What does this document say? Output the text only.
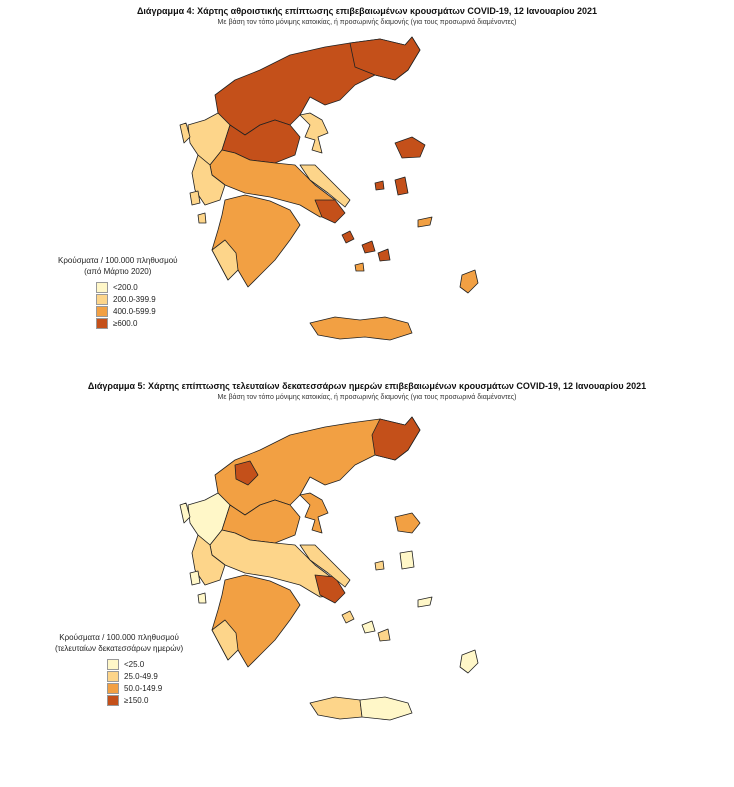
Διάγραμμα 4: Χάρτης αθροιστικής επίπτωσης επιβεβαιωμένων κρουσμάτων COVID-19, 12 Ιανουαρίου 2021
Με βάση τον τόπο μόνιμης κατοικίας, ή προσωρινής διαμονής (για τους προσωρινά διαμένοντες)
Κρούσματα / 100.000 πληθυσμού
(από Μάρτιο 2020)
<200.0
200.0-399.9
400.0-599.9
≥600.0
Διάγραμμα 5: Χάρτης επίπτωσης τελευταίων δεκατεσσάρων ημερών επιβεβαιωμένων κρουσμάτων COVID-19, 12 Ιανουαρίου 2021
Με βάση τον τόπο μόνιμης κατοικίας, ή προσωρινής διαμονής (για τους προσωρινά διαμένοντες)
Κρούσματα / 100.000 πληθυσμού
(τελευταίων δεκατεσσάρων ημερών)
<25.0
25.0-49.9
50.0-149.9
≥150.0
